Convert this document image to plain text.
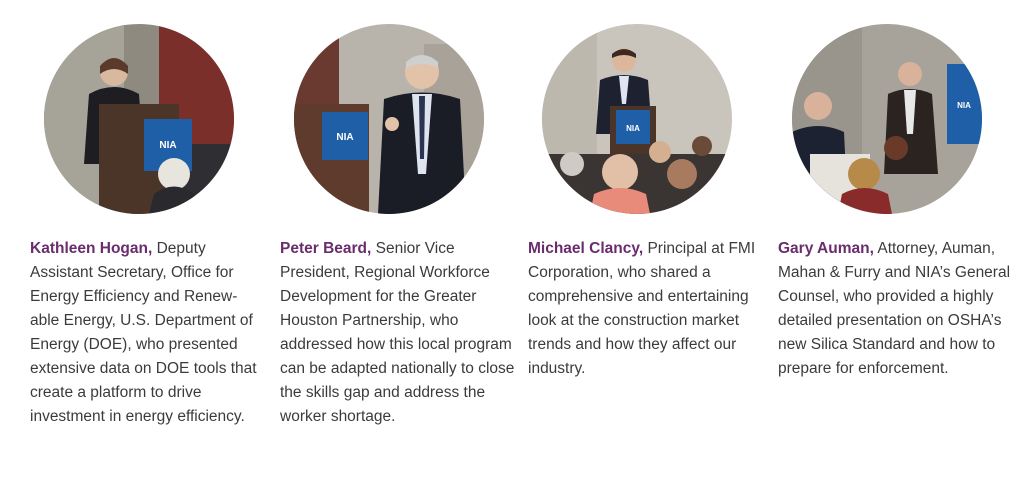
NIA

Kathleen Hogan, Deputy Assistant Secretary, Office for Energy Efficiency and Renew-able Energy, U.S. Department of Energy (DOE), who presented extensive data on DOE tools that create a platform to drive investment in energy efficiency.

NIA

Peter Beard, Senior Vice President, Regional Workforce Development for the Greater Houston Partnership, who addressed how this local program can be adapted nationally to close the skills gap and address the worker shortage.

NIA

Michael Clancy, Principal at FMI Corporation, who shared a comprehensive and entertaining look at the construction market trends and how they affect our industry.

NIA

Gary Auman, Attorney, Auman, Mahan & Furry and NIA’s General Counsel, who provided a highly detailed presentation on OSHA’s new Silica Standard and how to prepare for enforcement.
